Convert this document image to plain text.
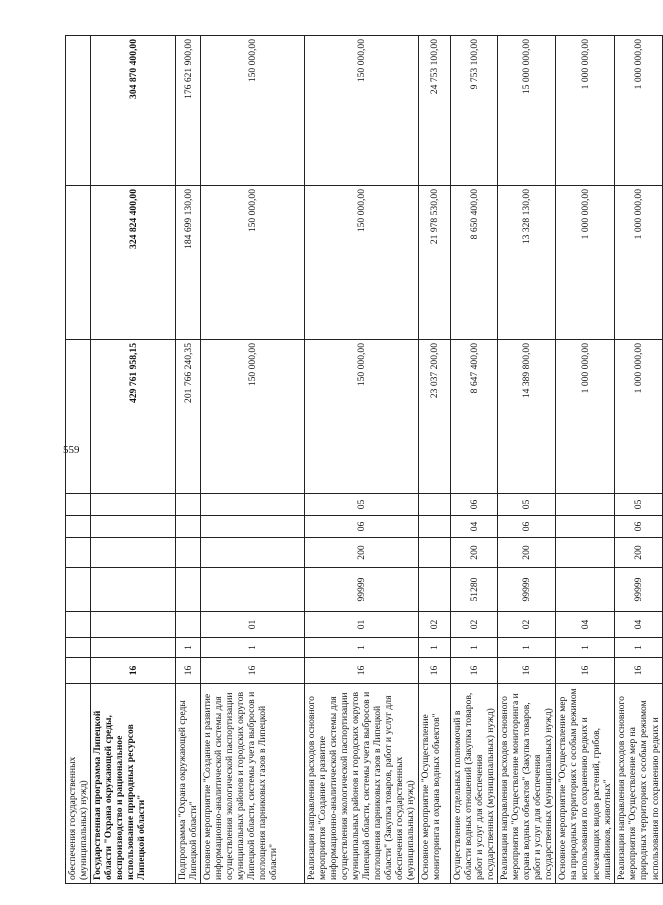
559
обеспечения государственных (муниципальных) нужд)										
Государственная программа Липецкой области "Охрана окружающей среды, воспроизводство и рациональное использование природных ресурсов Липецкой области"	16							429 761 958,15	324 824 400,00	304 870 400,00
Подпрограмма "Охрана окружающей среды Липецкой области"	16	1						201 766 240,35	184 699 130,00	176 621 900,00
Основное мероприятие "Создание и развитие информационно-аналитической системы для осуществления экологической паспортизации муниципальных районов и городских округов Липецкой области, системы учета выбросов и поглощения парниковых газов в Липецкой области"	16	1	01					150 000,00	150 000,00	150 000,00
Реализация направления расходов основного мероприятия "Создание и развитие информационно-аналитической системы для осуществления экологической паспортизации муниципальных районов и городских округов Липецкой области, системы учета выбросов и поглощения парниковых газов в Липецкой области" (Закупка товаров, работ и услуг для обеспечения государственных (муниципальных) нужд)	16	1	01	99999	200	06	05	150 000,00	150 000,00	150 000,00
Основное мероприятие "Осуществление мониторинга и охрана водных объектов"	16	1	02					23 037 200,00	21 978 530,00	24 753 100,00
Осуществление отдельных полномочий в области водных отношений (Закупка товаров, работ и услуг для обеспечения государственных (муниципальных) нужд)	16	1	02	51280	200	04	06	8 647 400,00	8 650 400,00	9 753 100,00
Реализация направления расходов основного мероприятия "Осуществление мониторинга и охрана водных объектов" (Закупка товаров, работ и услуг для обеспечения государственных (муниципальных) нужд)	16	1	02	99999	200	06	05	14 389 800,00	13 328 130,00	15 000 000,00
Основное мероприятие "Осуществление мер на природных территориях с особым режимом использования по сохранению редких и исчезающих видов растений, грибов, лишайников, животных"	16	1	04					1 000 000,00	1 000 000,00	1 000 000,00
Реализация направления расходов основного мероприятия "Осуществление мер на природных территориях с особым режимом использования по сохранению редких и	16	1	04	99999	200	06	05	1 000 000,00	1 000 000,00	1 000 000,00
